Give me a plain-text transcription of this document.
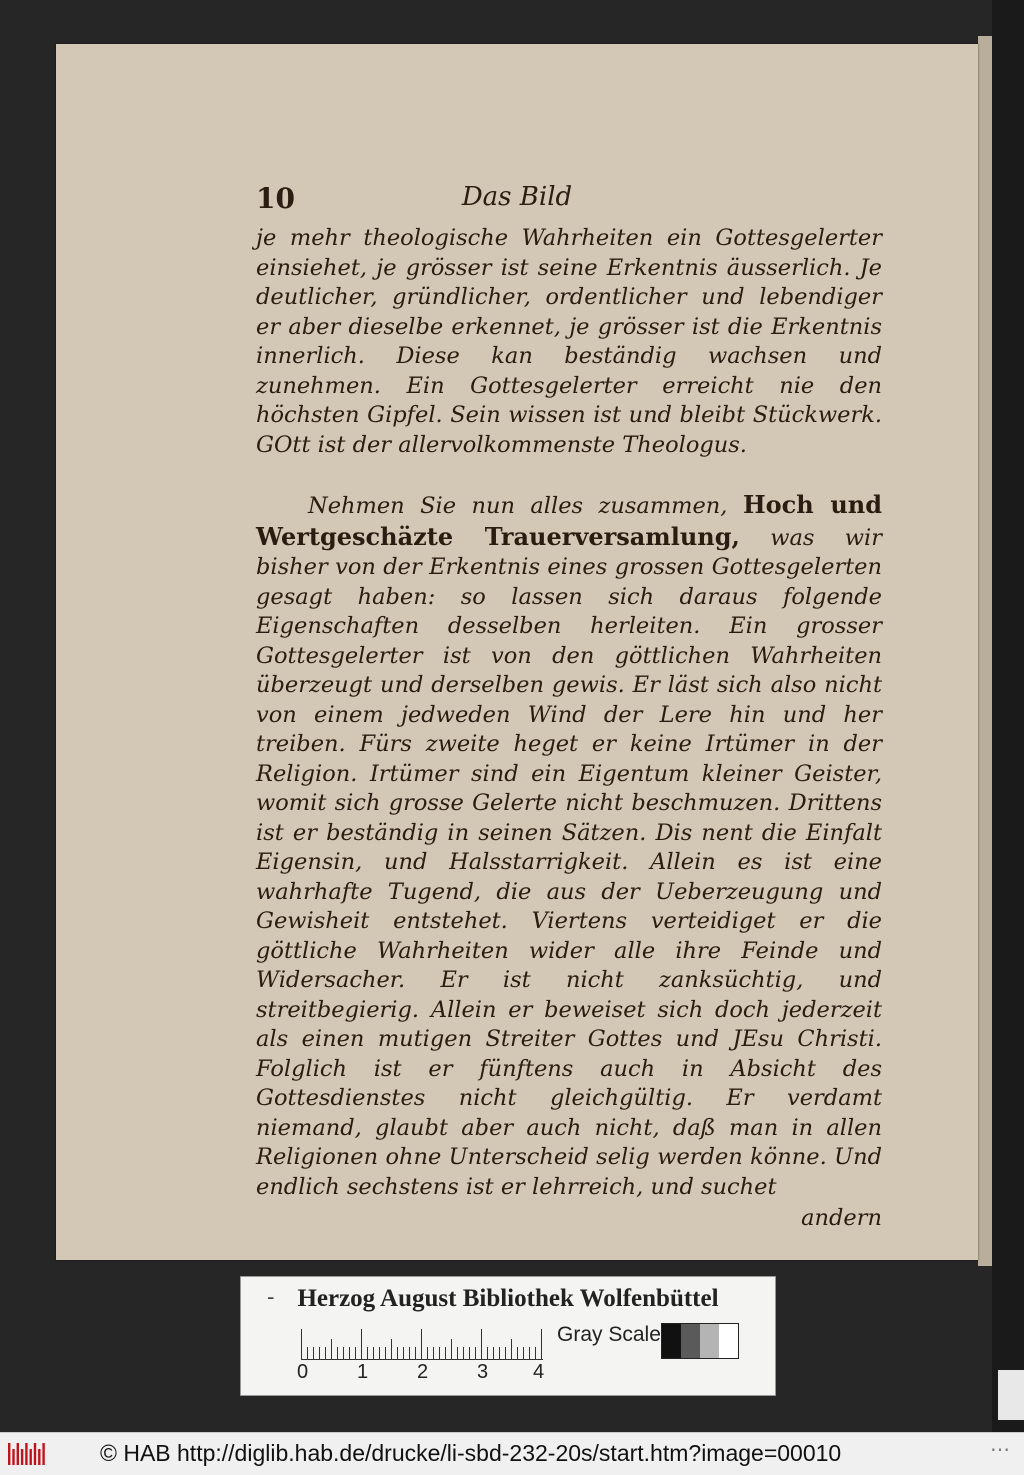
Das Bild
10

je mehr theologische Wahrheiten ein Gottesgelerter einsiehet, je grösser ist seine Erkentnis äusserlich. Je deutlicher, gründlicher, ordentlicher und lebendiger er aber dieselbe erkennet, je grösser ist die Erkentnis innerlich. Diese kan beständig wachsen und zunehmen. Ein Gottesgelerter erreicht nie den höchsten Gipfel. Sein wissen ist und bleibt Stückwerk. GOtt ist der allervolkommenste Theologus.

Nehmen Sie nun alles zusammen, Hoch und Wertgeschäzte Trauerversamlung, was wir bisher von der Erkentnis eines grossen Gottesgelerten gesagt haben: so lassen sich daraus folgende Eigenschaften desselben herleiten. Ein grosser Gottesgelerter ist von den göttlichen Wahrheiten überzeugt und derselben gewis. Er läst sich also nicht von einem jedweden Wind der Lere hin und her treiben. Fürs zweite heget er keine Irtümer in der Religion. Irtümer sind ein Eigentum kleiner Geister, womit sich grosse Gelerte nicht beschmuzen. Drittens ist er beständig in seinen Sätzen. Dis nent die Einfalt Eigensin, und Halsstarrigkeit. Allein es ist eine wahrhafte Tugend, die aus der Ueberzeugung und Gewisheit entstehet. Viertens verteidiget er die göttliche Wahrheiten wider alle ihre Feinde und Widersacher. Er ist nicht zanksüchtig, und streitbegierig. Allein er beweiset sich doch jederzeit als einen mutigen Streiter Gottes und JEsu Christi. Folglich ist er fünftens auch in Absicht des Gottesdienstes nicht gleichgültig. Er verdamt niemand, glaubt aber auch nicht, daß man in allen Religionen ohne Unterscheid selig werden könne. Und endlich sechstens ist er lehrreich, und suchet

andern
- Herzog August Bibliothek Wolfenbüttel
0 1 2 3 4
Gray Scale
© HAB http://diglib.hab.de/drucke/li-sbd-232-20s/start.htm?image=00010	⋯
